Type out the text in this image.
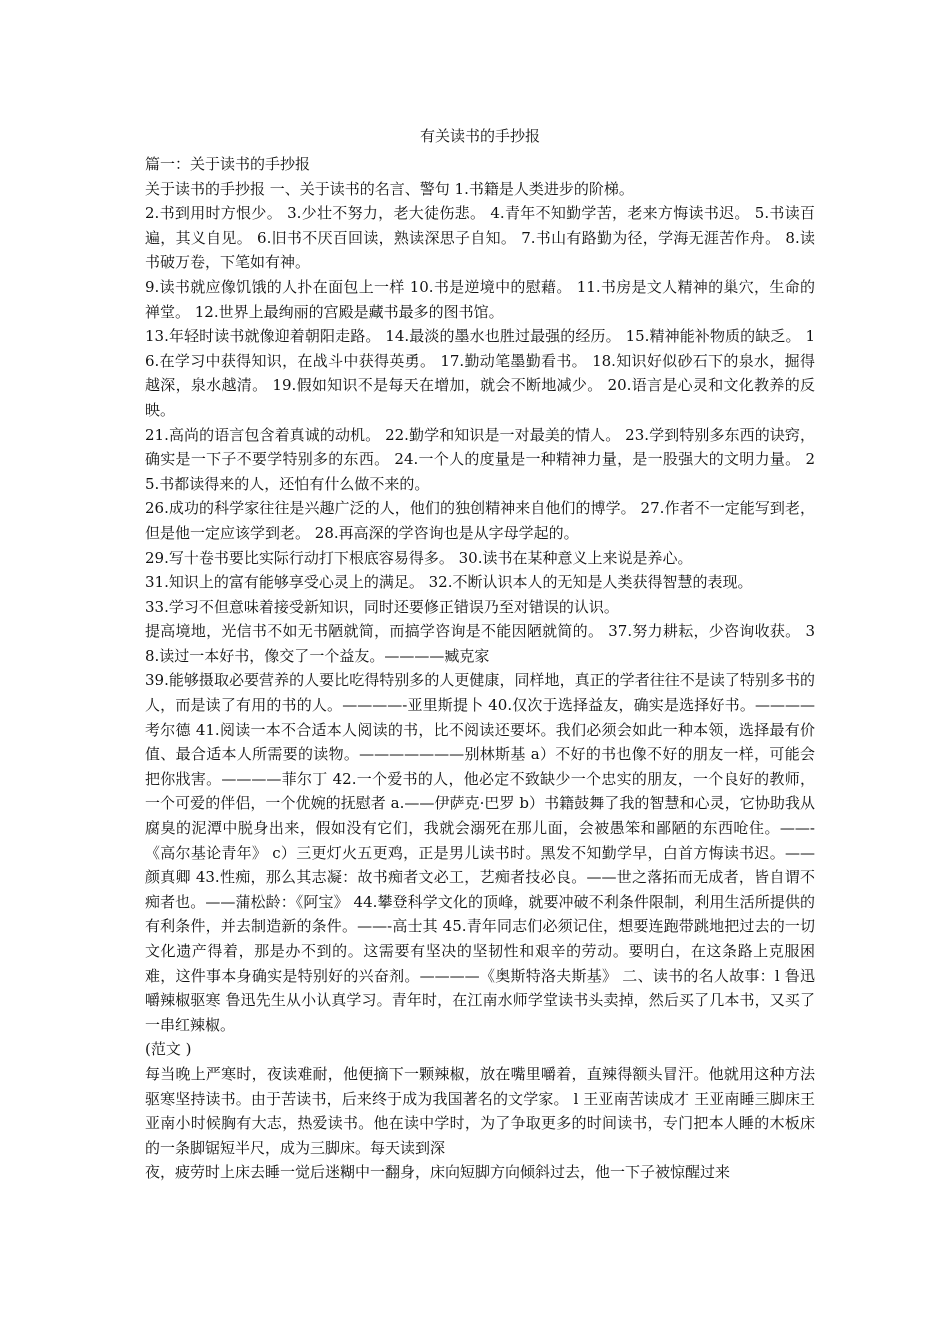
有关读书的手抄报

篇一：关于读书的手抄报

关于读书的手抄报 一、关于读书的名言、警句 1.书籍是人类进步的阶梯。

2.书到用时方恨少。 3.少壮不努力，老大徒伤悲。 4.青年不知勤学苦，老来方悔读书迟。 5.书读百遍，其义自见。 6.旧书不厌百回读，熟读深思子自知。 7.书山有路勤为径，学海无涯苦作舟。 8.读书破万卷，下笔如有神。

9.读书就应像饥饿的人扑在面包上一样 10.书是逆境中的慰藉。 11.书房是文人精神的巢穴，生命的禅堂。 12.世界上最绚丽的宫殿是藏书最多的图书馆。

13.年轻时读书就像迎着朝阳走路。 14.最淡的墨水也胜过最强的经历。 15.精神能补物质的缺乏。 16.在学习中获得知识，在战斗中获得英勇。 17.勤动笔墨勤看书。 18.知识好似砂石下的泉水，掘得越深，泉水越清。 19.假如知识不是每天在增加，就会不断地减少。 20.语言是心灵和文化教养的反映。

21.高尚的语言包含着真诚的动机。 22.勤学和知识是一对最美的情人。 23.学到特别多东西的诀窍，确实是一下子不要学特别多的东西。 24.一个人的度量是一种精神力量，是一股强大的文明力量。 25.书都读得来的人，还怕有什么做不来的。

26.成功的科学家往往是兴趣广泛的人，他们的独创精神来自他们的博学。 27.作者不一定能写到老，但是他一定应该学到老。 28.再高深的学咨询也是从字母学起的。

29.写十卷书要比实际行动打下根底容易得多。 30.读书在某种意义上来说是养心。

31.知识上的富有能够享受心灵上的满足。 32.不断认识本人的无知是人类获得智慧的表现。

33.学习不但意味着接受新知识，同时还要修正错误乃至对错误的认识。

提高境地，光信书不如无书陋就简，而搞学咨询是不能因陋就简的。 37.努力耕耘，少咨询收获。 38.读过一本好书，像交了一个益友。————臧克家

39.能够摄取必要营养的人要比吃得特别多的人更健康，同样地，真正的学者往往不是读了特别多书的人，而是读了有用的书的人。————-亚里斯提卜 40.仅次于选择益友，确实是选择好书。————考尔德 41.阅读一本不合适本人阅读的书，比不阅读还要坏。我们必须会如此一种本领，选择最有价值、最合适本人所需要的读物。———————别林斯基 a）不好的书也像不好的朋友一样，可能会把你戕害。————菲尔丁 42.一个爱书的人，他必定不致缺少一个忠实的朋友，一个良好的教师，一个可爱的伴侣，一个优婉的抚慰者 a.——伊萨克·巴罗 b）书籍鼓舞了我的智慧和心灵，它协助我从腐臭的泥潭中脱身出来，假如没有它们，我就会溺死在那儿面，会被愚笨和鄙陋的东西呛住。——-《高尔基论青年》 c）三更灯火五更鸡，正是男儿读书时。黑发不知勤学早，白首方悔读书迟。——颜真卿 43.性痴，那么其志凝：故书痴者文必工，艺痴者技必良。——世之落拓而无成者，皆自谓不痴者也。——蒲松龄：《阿宝》 44.攀登科学文化的顶峰，就要冲破不利条件限制，利用生活所提供的有利条件，并去制造新的条件。——-高士其 45.青年同志们必须记住，想要连跑带跳地把过去的一切文化遗产得着，那是办不到的。这需要有坚决的坚韧性和艰辛的劳动。要明白，在这条路上克服困难，这件事本身确实是特别好的兴奋剂。————《奥斯特洛夫斯基》 二、读书的名人故事：l 鲁迅嚼辣椒驱寒 鲁迅先生从小认真学习。青年时，在江南水师学堂读书头卖掉，然后买了几本书，又买了一串红辣椒。

(范文 )

每当晚上严寒时，夜读难耐，他便摘下一颗辣椒，放在嘴里嚼着，直辣得额头冒汗。他就用这种方法驱寒坚持读书。由于苦读书，后来终于成为我国著名的文学家。 l 王亚南苦读成才 王亚南睡三脚床王亚南小时候胸有大志，热爱读书。他在读中学时，为了争取更多的时间读书，专门把本人睡的木板床的一条脚锯短半尺，成为三脚床。每天读到深

夜，疲劳时上床去睡一觉后迷糊中一翻身，床向短脚方向倾斜过去，他一下子被惊醒过来
